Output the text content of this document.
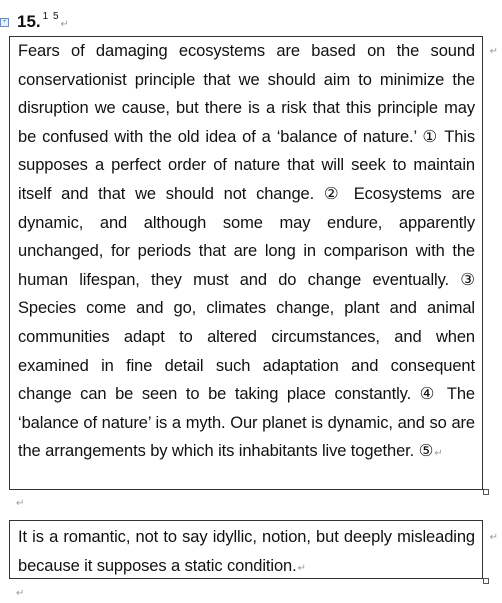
+ 15. $^{1 5}$↵

Fears of damaging ecosystems are based on the sound conservationist principle that we should aim to minimize the disruption we cause, but there is a risk that this principle may be confused with the old idea of a ‘balance of nature.’ ① This supposes a perfect order of nature that will seek to maintain itself and that we should not change. ② Ecosystems are dynamic, and although some may endure, apparently unchanged, for periods that are long in comparison with the human lifespan, they must and do change eventually. ③ Species come and go, climates change, plant and animal communities adapt to altered circumstances, and when examined in fine detail such adaptation and consequent change can be seen to be taking place constantly. ④ The ‘balance of nature’ is a myth. Our planet is dynamic, and so are the arrangements by which its inhabitants live together. ⑤↵

↵
↵

It is a romantic, not to say idyllic, notion, but deeply misleading because it supposes a static condition.↵

↵
↵
